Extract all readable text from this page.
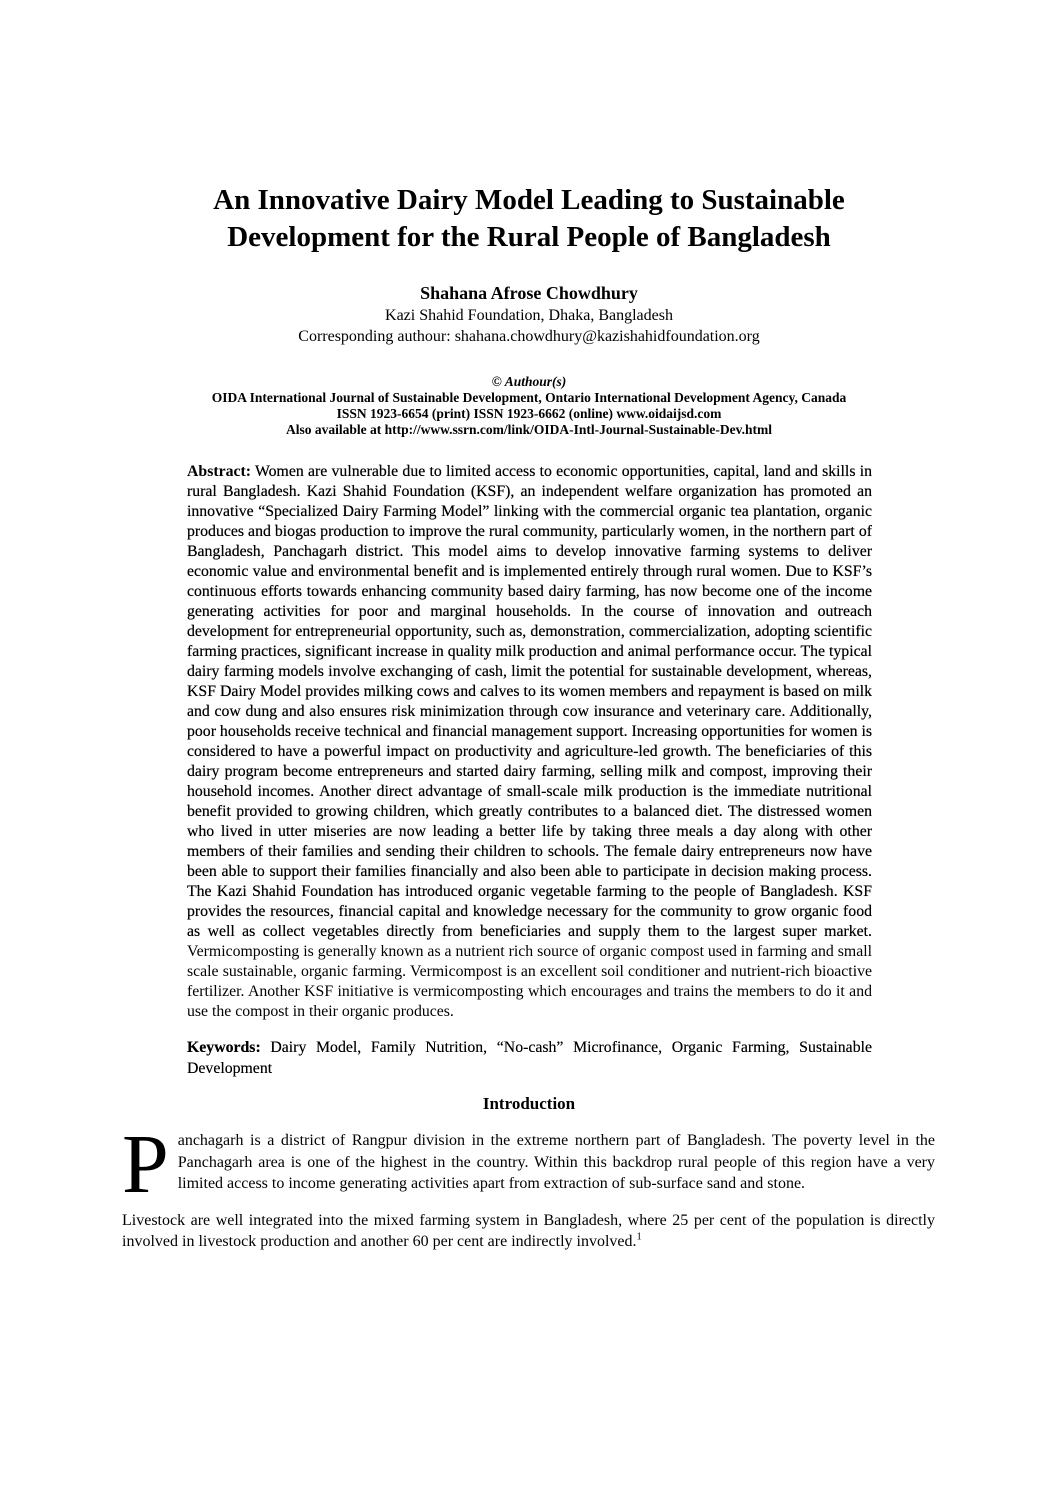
An Innovative Dairy Model Leading to Sustainable
Development for the Rural People of Bangladesh
Shahana Afrose Chowdhury
Kazi Shahid Foundation, Dhaka, Bangladesh
Corresponding authour: shahana.chowdhury@kazishahidfoundation.org
© Authour(s)
OIDA International Journal of Sustainable Development, Ontario International Development Agency, Canada
ISSN 1923-6654 (print) ISSN 1923-6662 (online) www.oidaijsd.com
Also available at http://www.ssrn.com/link/OIDA-Intl-Journal-Sustainable-Dev.html

Abstract: Women are vulnerable due to limited access to economic opportunities, capital, land and skills in rural Bangladesh. Kazi Shahid Foundation (KSF), an independent welfare organization has promoted an innovative “Specialized Dairy Farming Model” linking with the commercial organic tea plantation, organic produces and biogas production to improve the rural community, particularly women, in the northern part of Bangladesh, Panchagarh district. This model aims to develop innovative farming systems to deliver economic value and environmental benefit and is implemented entirely through rural women. Due to KSF’s continuous efforts towards enhancing community based dairy farming, has now become one of the income generating activities for poor and marginal households. In the course of innovation and outreach development for entrepreneurial opportunity, such as, demonstration, commercialization, adopting scientific farming practices, significant increase in quality milk production and animal performance occur. The typical dairy farming models involve exchanging of cash, limit the potential for sustainable development, whereas, KSF Dairy Model provides milking cows and calves to its women members and repayment is based on milk and cow dung and also ensures risk minimization through cow insurance and veterinary care. Additionally, poor households receive technical and financial management support. Increasing opportunities for women is considered to have a powerful impact on productivity and agriculture-led growth. The beneficiaries of this dairy program become entrepreneurs and started dairy farming, selling milk and compost, improving their household incomes. Another direct advantage of small-scale milk production is the immediate nutritional benefit provided to growing children, which greatly contributes to a balanced diet. The distressed women who lived in utter miseries are now leading a better life by taking three meals a day along with other members of their families and sending their children to schools. The female dairy entrepreneurs now have been able to support their families financially and also been able to participate in decision making process. The Kazi Shahid Foundation has introduced organic vegetable farming to the people of Bangladesh. KSF provides the resources, financial capital and knowledge necessary for the community to grow organic food as well as collect vegetables directly from beneficiaries and supply them to the largest super market. Vermicomposting is generally known as a nutrient rich source of organic compost used in farming and small scale sustainable, organic farming. Vermicompost is an excellent soil conditioner and nutrient-rich bioactive fertilizer. Another KSF initiative is vermicomposting which encourages and trains the members to do it and use the compost in their organic produces.

Keywords: Dairy Model, Family Nutrition, “No-cash” Microfinance, Organic Farming, Sustainable Development

Introduction

Panchagarh is a district of Rangpur division in the extreme northern part of Bangladesh. The poverty level in the Panchagarh area is one of the highest in the country. Within this backdrop rural people of this region have a very limited access to income generating activities apart from extraction of sub-surface sand and stone.

Livestock are well integrated into the mixed farming system in Bangladesh, where 25 per cent of the population is directly involved in livestock production and another 60 per cent are indirectly involved.$^1$
